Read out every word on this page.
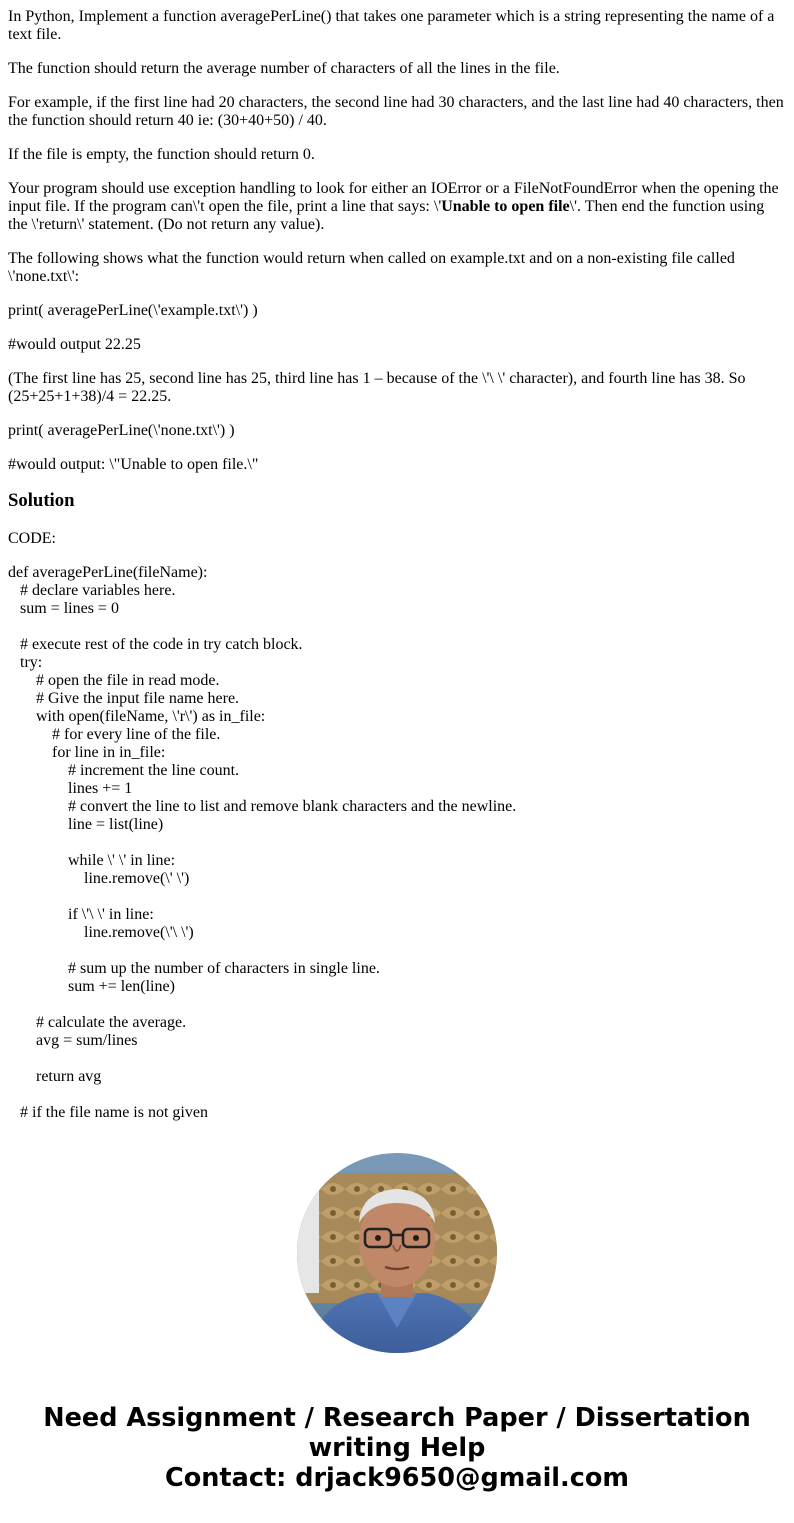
In Python, Implement a function averagePerLine() that takes one parameter which is a string representing the name of a text file.

The function should return the average number of characters of all the lines in the file.

For example, if the first line had 20 characters, the second line had 30 characters, and the last line had 40 characters, then the function should return 40 ie: (30+40+50) / 40.

If the file is empty, the function should return 0.

Your program should use exception handling to look for either an IOError or a FileNotFoundError when the opening the input file. If the program can\'t open the file, print a line that says: \'Unable to open file\'. Then end the function using the \'return\' statement. (Do not return any value).

The following shows what the function would return when called on example.txt and on a non-existing file called \'none.txt\':

print( averagePerLine(\'example.txt\') )

#would output 22.25

(The first line has 25, second line has 25, third line has 1 – because of the \'\ \' character), and fourth line has 38. So (25+25+1+38)/4 = 22.25.

print( averagePerLine(\'none.txt\') )

#would output: \"Unable to open file.\"

Solution

CODE:

def averagePerLine(fileName):
# declare variables here.
sum = lines = 0
# execute rest of the code in try catch block.
try:
# open the file in read mode.
# Give the input file name here.
with open(fileName, \'r\') as in_file:
# for every line of the file.
for line in in_file:
# increment the line count.
lines += 1
# convert the line to list and remove blank characters and the newline.
line = list(line)
while \' \' in line:
line.remove(\' \')
if \'\ \' in line:
line.remove(\'\ \')
# sum up the number of characters in single line.
sum += len(line)
# calculate the average.
avg = sum/lines
return avg
# if the file name is not given
Need Assignment / Research Paper / Dissertation
writing Help
Contact: drjack9650@gmail.com
